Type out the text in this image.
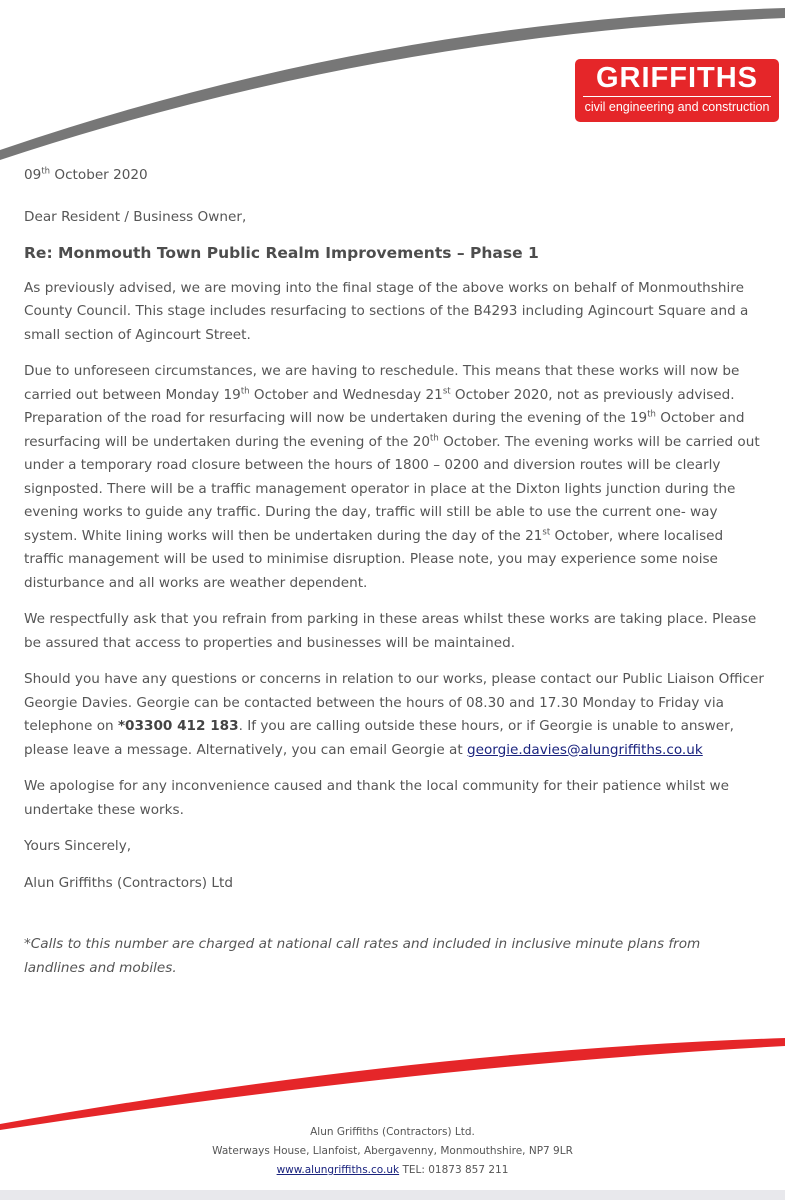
GRIFFITHS
civil engineering and construction

09th October 2020

Dear Resident / Business Owner,

Re: Monmouth Town Public Realm Improvements – Phase 1

As previously advised, we are moving into the final stage of the above works on behalf of Monmouthshire County Council. This stage includes resurfacing to sections of the B4293 including Agincourt Square and a small section of Agincourt Street.

Due to unforeseen circumstances, we are having to reschedule. This means that these works will now be carried out between Monday 19th October and Wednesday 21st October 2020, not as previously advised. Preparation of the road for resurfacing will now be undertaken during the evening of the 19th October and resurfacing will be undertaken during the evening of the 20th October. The evening works will be carried out under a temporary road closure between the hours of 1800 – 0200 and diversion routes will be clearly signposted. There will be a traffic management operator in place at the Dixton lights junction during the evening works to guide any traffic. During the day, traffic will still be able to use the current one- way system. White lining works will then be undertaken during the day of the 21st October, where localised traffic management will be used to minimise disruption. Please note, you may experience some noise disturbance and all works are weather dependent.

We respectfully ask that you refrain from parking in these areas whilst these works are taking place. Please be assured that access to properties and businesses will be maintained.

Should you have any questions or concerns in relation to our works, please contact our Public Liaison Officer Georgie Davies. Georgie can be contacted between the hours of 08.30 and 17.30 Monday to Friday via telephone on *03300 412 183. If you are calling outside these hours, or if Georgie is unable to answer, please leave a message. Alternatively, you can email Georgie at georgie.davies@alungriffiths.co.uk

We apologise for any inconvenience caused and thank the local community for their patience whilst we undertake these works.

Yours Sincerely,

Alun Griffiths (Contractors) Ltd

*Calls to this number are charged at national call rates and included in inclusive minute plans from landlines and mobiles.

Alun Griffiths (Contractors) Ltd.
Waterways House, Llanfoist, Abergavenny, Monmouthshire, NP7 9LR
www.alungriffiths.co.uk TEL: 01873 857 211
